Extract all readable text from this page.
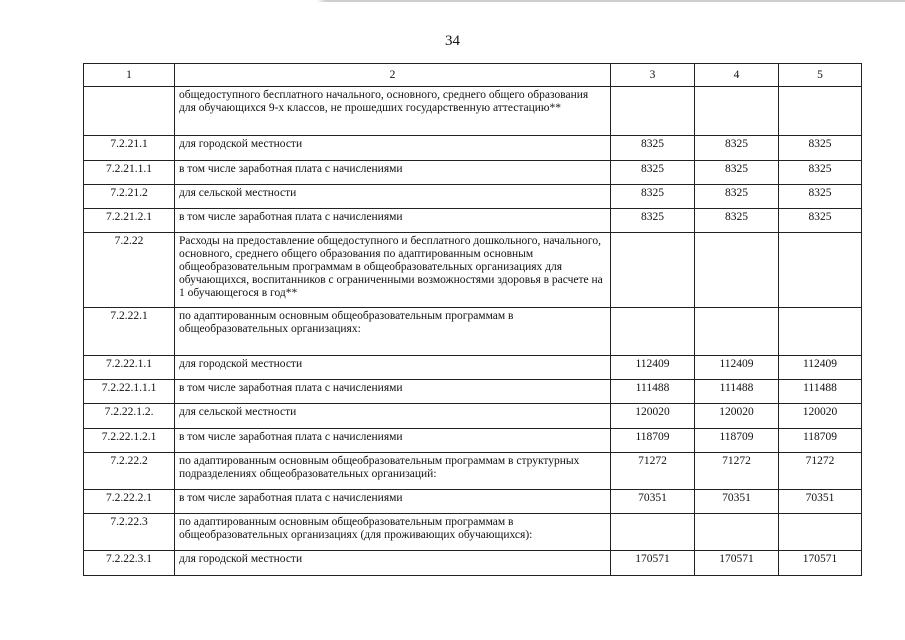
34
1	2	3	4	5
	общедоступного бесплатного начального, основного, среднего общего образования для обучающихся 9-х классов, не прошедших государственную аттестацию**			
7.2.21.1	для городской местности	8325	8325	8325
7.2.21.1.1	в том числе заработная плата с начислениями	8325	8325	8325
7.2.21.2	для сельской местности	8325	8325	8325
7.2.21.2.1	в том числе заработная плата с начислениями	8325	8325	8325
7.2.22	Расходы на предоставление общедоступного и бесплатного дошкольного, начального, основного, среднего общего образования по адаптированным основным общеобразовательным программам в общеобразовательных организациях для обучающихся, воспитанников с ограниченными возможностями здоровья в расчете на 1 обучающегося в год**			
7.2.22.1	по адаптированным основным общеобразовательным программам в общеобразовательных организациях:			
7.2.22.1.1	для городской местности	112409	112409	112409
7.2.22.1.1.1	в том числе заработная плата с начислениями	111488	111488	111488
7.2.22.1.2.	для сельской местности	120020	120020	120020
7.2.22.1.2.1	в том числе заработная плата с начислениями	118709	118709	118709
7.2.22.2	по адаптированным основным общеобразовательным программам в структурных подразделениях общеобразовательных организаций:	71272	71272	71272
7.2.22.2.1	в том числе заработная плата с начислениями	70351	70351	70351
7.2.22.3	по адаптированным основным общеобразовательным программам в общеобразовательных организациях (для проживающих обучающихся):			
7.2.22.3.1	для городской местности	170571	170571	170571
